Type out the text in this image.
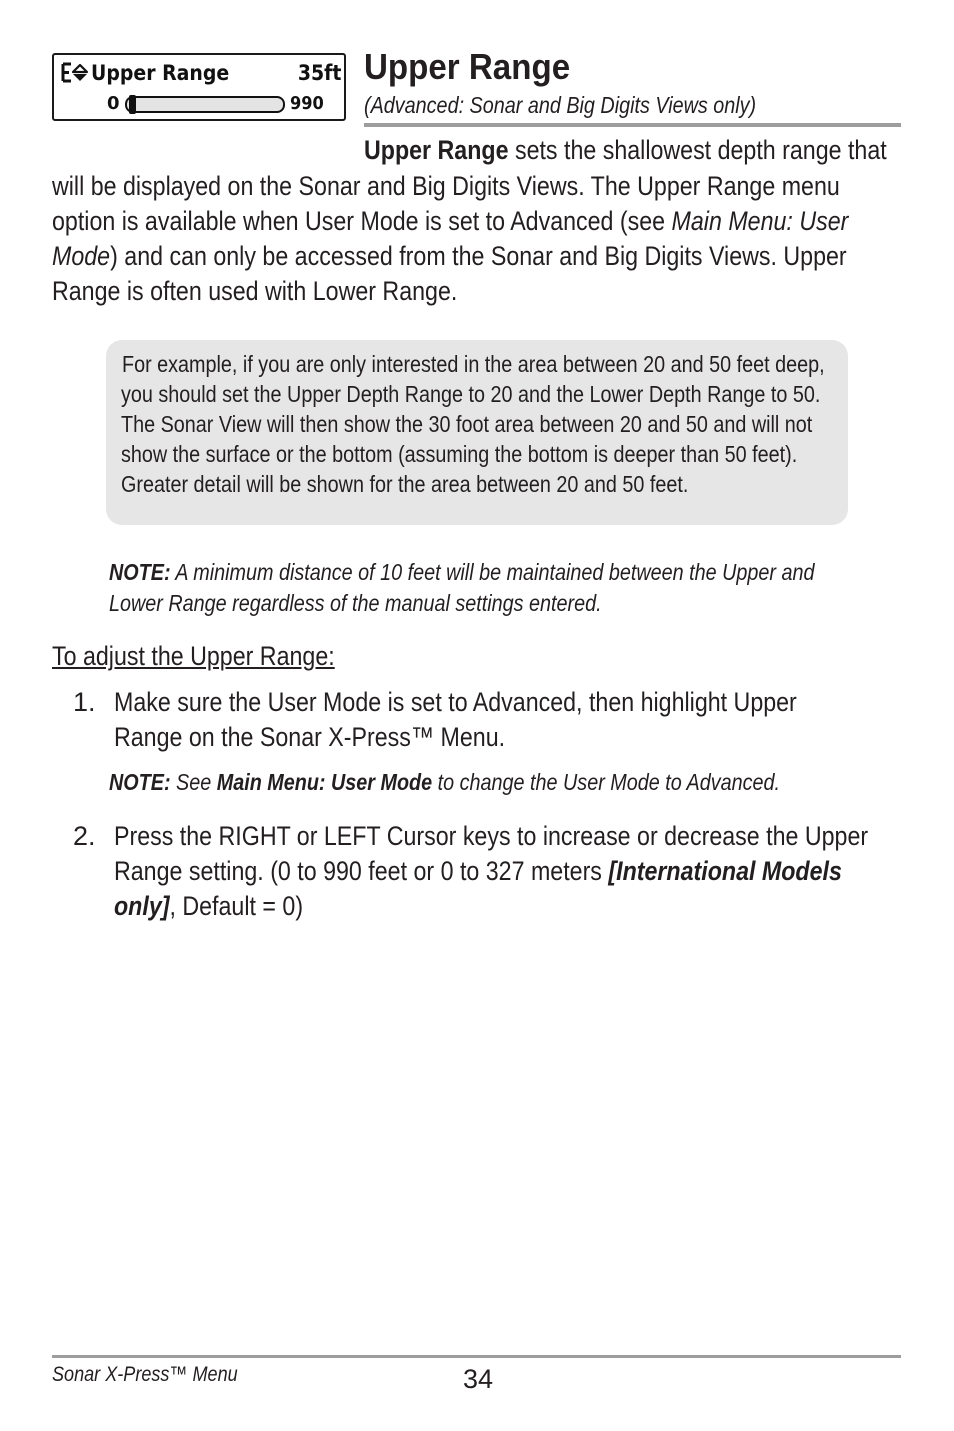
Upper Range	35ft
0	990
Upper Range
(Advanced: Sonar and Big Digits Views only)
Upper Range sets the shallowest depth range that
will be displayed on the Sonar and Big Digits Views. The Upper Range menu
option is available when User Mode is set to Advanced (see Main Menu: User
Mode) and can only be accessed from the Sonar and Big Digits Views. Upper
Range is often used with Lower Range.
For example, if you are only interested in the area between 20 and 50 feet deep,
you should set the Upper Depth Range to 20 and the Lower Depth Range to 50.
The Sonar View will then show the 30 foot area between 20 and 50 and will not
show the surface or the bottom (assuming the bottom is deeper than 50 feet).
Greater detail will be shown for the area between 20 and 50 feet.
NOTE: A minimum distance of 10 feet will be maintained between the Upper and
Lower Range regardless of the manual settings entered.
To adjust the Upper Range:
1. Make sure the User Mode is set to Advanced, then highlight Upper
Range on the Sonar X-Press™ Menu.
NOTE: See Main Menu: User Mode to change the User Mode to Advanced.
2. Press the RIGHT or LEFT Cursor keys to increase or decrease the Upper
Range setting. (0 to 990 feet or 0 to 327 meters [International Models
only], Default = 0)
Sonar X-Press™ Menu	34
